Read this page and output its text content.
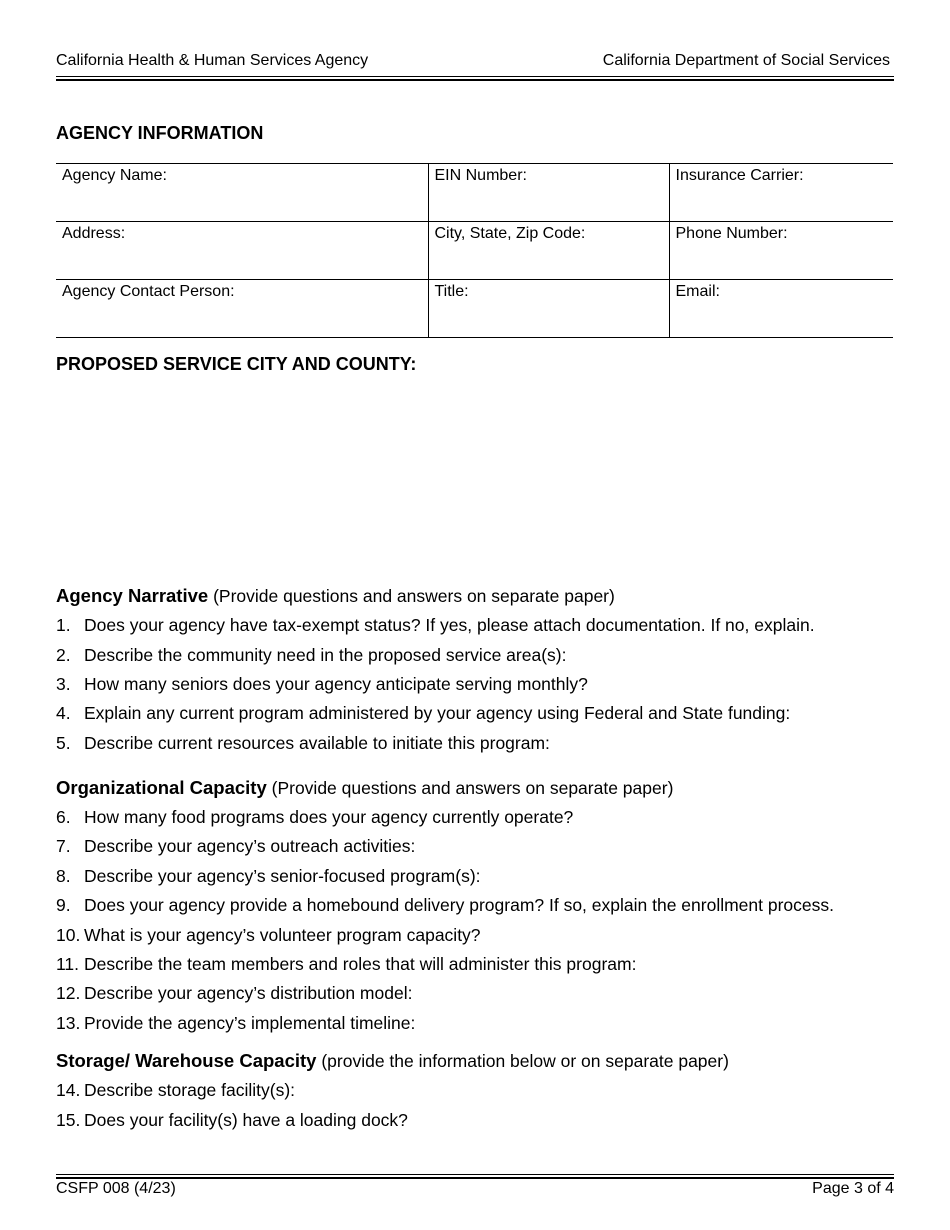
California Health & Human Services Agency	California Department of Social Services
AGENCY INFORMATION
Agency Name:	EIN Number:	Insurance Carrier:
Address:	City, State, Zip Code:	Phone Number:
Agency Contact Person:	Title:	Email:
PROPOSED SERVICE CITY AND COUNTY:
Agency Narrative (Provide questions and answers on separate paper)
1. Does your agency have tax-exempt status? If yes, please attach documentation. If no, explain.
2. Describe the community need in the proposed service area(s):
3. How many seniors does your agency anticipate serving monthly?
4. Explain any current program administered by your agency using Federal and State funding:
5. Describe current resources available to initiate this program:
Organizational Capacity (Provide questions and answers on separate paper)
6. How many food programs does your agency currently operate?
7. Describe your agency’s outreach activities:
8. Describe your agency’s senior-focused program(s):
9. Does your agency provide a homebound delivery program? If so, explain the enrollment process.
10. What is your agency’s volunteer program capacity?
11. Describe the team members and roles that will administer this program:
12. Describe your agency’s distribution model:
13. Provide the agency’s implemental timeline:
Storage/ Warehouse Capacity (provide the information below or on separate paper)
14. Describe storage facility(s):
15. Does your facility(s) have a loading dock?
CSFP 008 (4/23)	Page 3 of 4
